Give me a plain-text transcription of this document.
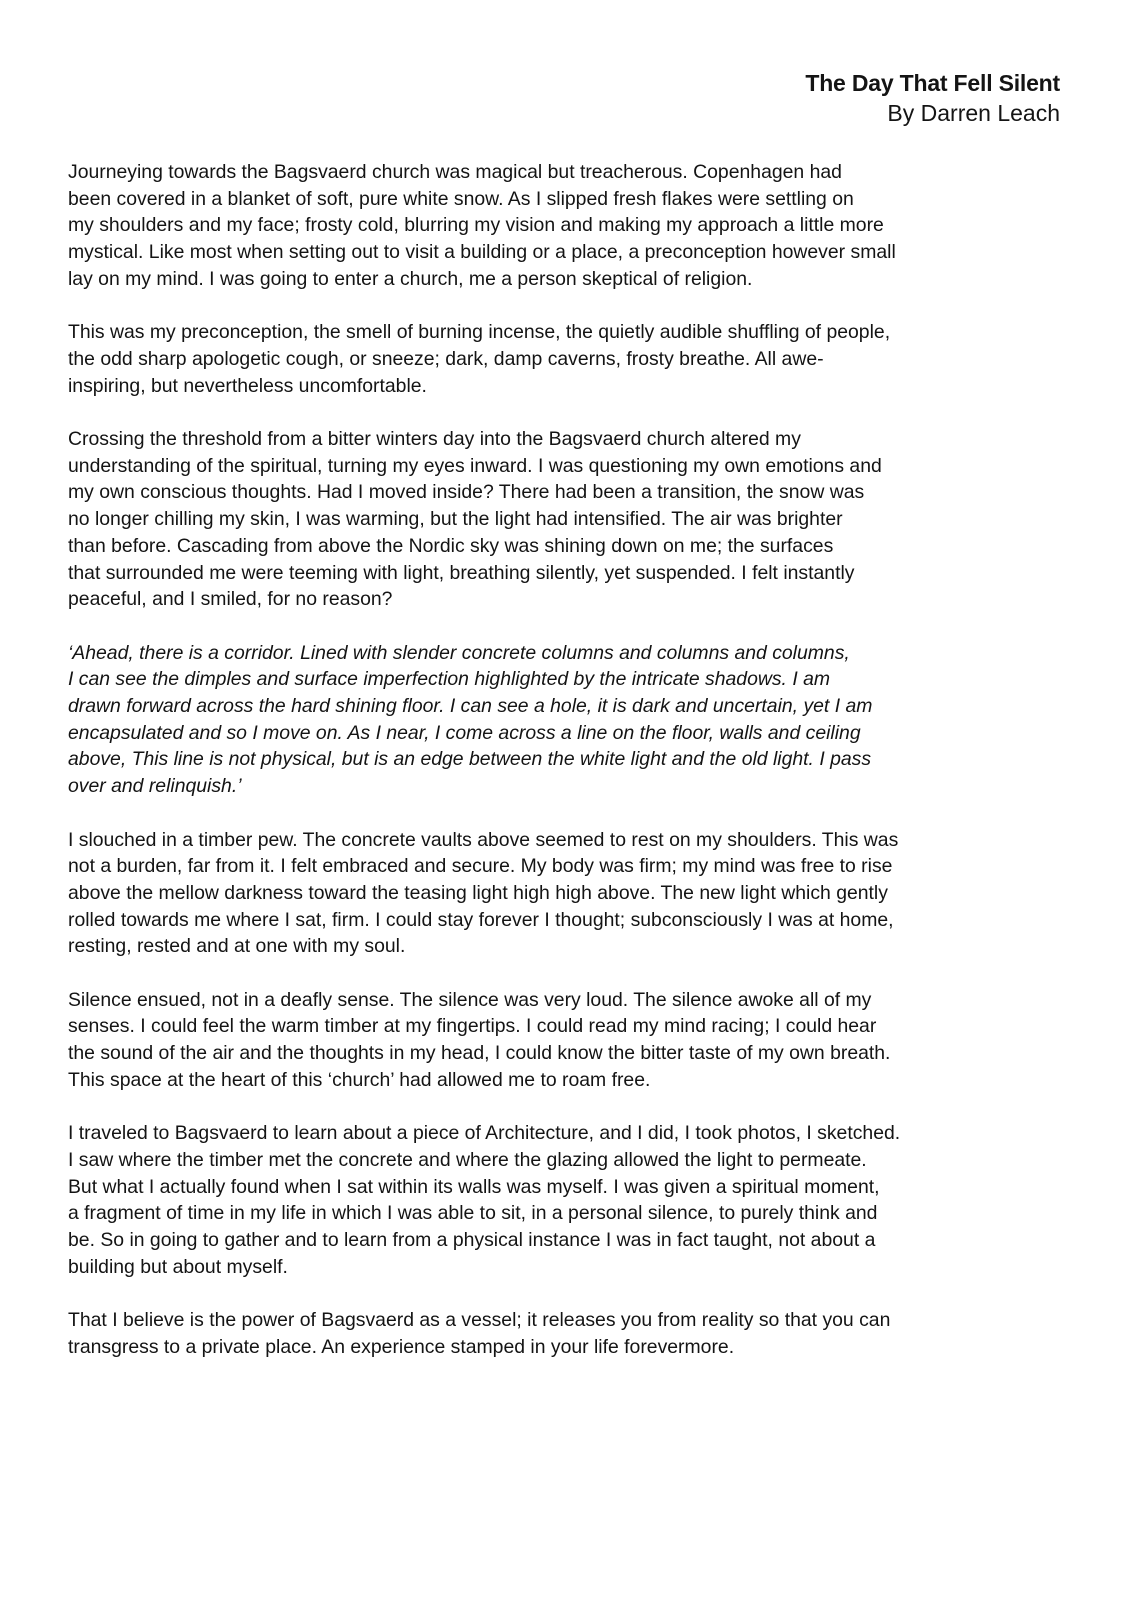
The Day That Fell Silent
By Darren Leach

Journeying towards the Bagsvaerd church was magical but treacherous. Copenhagen had
been covered in a blanket of soft, pure white snow. As I slipped fresh flakes were settling on
my shoulders and my face; frosty cold, blurring my vision and making my approach a little more
mystical. Like most when setting out to visit a building or a place, a preconception however small
lay on my mind. I was going to enter a church, me a person skeptical of religion.

This was my preconception, the smell of burning incense, the quietly audible shuffling of people,
the odd sharp apologetic cough, or sneeze; dark, damp caverns, frosty breathe. All awe-
inspiring, but nevertheless uncomfortable.

Crossing the threshold from a bitter winters day into the Bagsvaerd church altered my
understanding of the spiritual, turning my eyes inward. I was questioning my own emotions and
my own conscious thoughts. Had I moved inside? There had been a transition, the snow was
no longer chilling my skin, I was warming, but the light had intensified. The air was brighter
than before. Cascading from above the Nordic sky was shining down on me; the surfaces
that surrounded me were teeming with light, breathing silently, yet suspended. I felt instantly
peaceful, and I smiled, for no reason?

‘Ahead, there is a corridor. Lined with slender concrete columns and columns and columns,
I can see the dimples and surface imperfection highlighted by the intricate shadows. I am
drawn forward across the hard shining floor. I can see a hole, it is dark and uncertain, yet I am
encapsulated and so I move on. As I near, I come across a line on the floor, walls and ceiling
above, This line is not physical, but is an edge between the white light and the old light. I pass
over and relinquish.’

I slouched in a timber pew. The concrete vaults above seemed to rest on my shoulders. This was
not a burden, far from it. I felt embraced and secure. My body was firm; my mind was free to rise
above the mellow darkness toward the teasing light high high above. The new light which gently
rolled towards me where I sat, firm. I could stay forever I thought; subconsciously I was at home,
resting, rested and at one with my soul.

Silence ensued, not in a deafly sense. The silence was very loud. The silence awoke all of my
senses. I could feel the warm timber at my fingertips. I could read my mind racing; I could hear
the sound of the air and the thoughts in my head, I could know the bitter taste of my own breath.
This space at the heart of this ‘church’ had allowed me to roam free.

I traveled to Bagsvaerd to learn about a piece of Architecture, and I did, I took photos, I sketched.
I saw where the timber met the concrete and where the glazing allowed the light to permeate.
But what I actually found when I sat within its walls was myself. I was given a spiritual moment,
a fragment of time in my life in which I was able to sit, in a personal silence, to purely think and
be. So in going to gather and to learn from a physical instance I was in fact taught, not about a
building but about myself.

That I believe is the power of Bagsvaerd as a vessel; it releases you from reality so that you can
transgress to a private place. An experience stamped in your life forevermore.
